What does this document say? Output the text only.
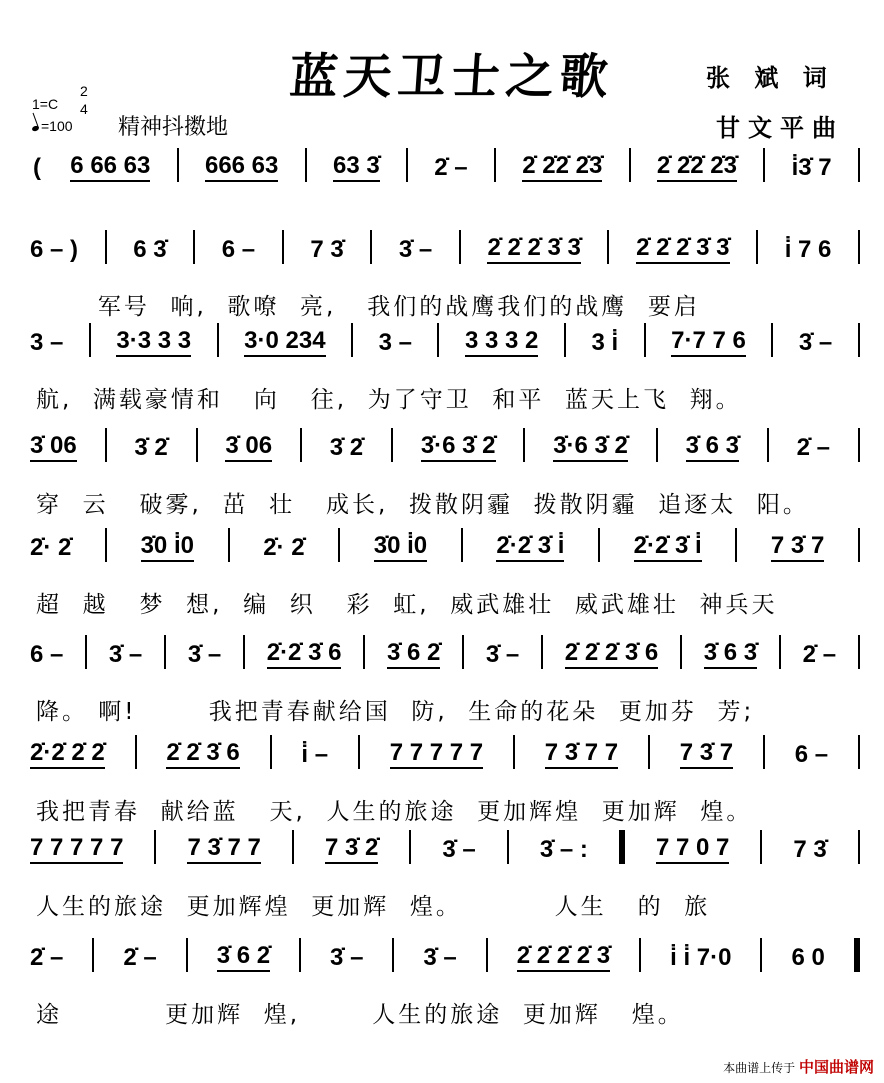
蓝天卫士之歌	张 斌 词
甘文平曲
1=C
2
4
=100 精神抖擞地
( 6 66 63 666 63 63 3̇ 2̇ – 2̇ 2̇2̇ 2̇3̇ 2̇ 2̇2̇ 2̇3̇ i̇3̇ 7
6 – ) 6 3̇ 6 – 7 3̇ 3̇ – 2̇ 2̇ 2̇ 3̇ 3̇ 2̇ 2̇ 2̇ 3̇ 3̇ i̇ 7 6
军号  响,  歌嘹  亮,   我们的战鹰我们的战鹰  要启
3 – 3·3 3 3 3·0 234 3 – 3 3 3 2 3 i̇ 7·7 7 6 3̇ –
航,  满载豪情和   向   往,  为了守卫  和平  蓝天上飞  翔。
3̇ 06 3̇ 2̇ 3̇ 06 3̇ 2̇ 3̇·6 3̇ 2̇ 3̇·6 3̇ 2̇ 3̇ 6 3̇ 2̇ –
穿  云   破雾,  茁  壮   成长,  拨散阴霾  拨散阴霾  追逐太  阳。
2̇· 2̇	3̇0 i̇0	2̇· 2̇	3̇0 i̇0	2̇·2̇ 3̇ i̇	2̇·2̇ 3̇ i̇	7 3̇ 7
超  越   梦  想,  编  织   彩  虹,  威武雄壮  威武雄壮  神兵天
6 – 3̇ – 3̇ – 2̇·2̇ 3̇ 6 3̇ 6 2̇ 3̇ – 2̇ 2̇ 2̇ 3̇ 6 3̇ 6 3̇ 2̇ –
降。 啊!       我把青春献给国  防,  生命的花朵  更加芬  芳;
2̇·2̇ 2̇ 2̇	2̇ 2̇ 3̇ 6	i̇ –	7 7 7 7 7	7 3̇ 7 7	7 3̇ 7	6 –
我把青春  献给蓝   天,  人生的旅途  更加辉煌  更加辉  煌。
7 7 7 7 7	7 3̇ 7 7	7 3̇ 2̇	3̇ –	3̇ – :	7 7 0 7	7 3̇
人生的旅途  更加辉煌  更加辉  煌。         人生   的  旅
2̇ – 2̇ – 3̇ 6 2̇ 3̇ – 3̇ – 2̇ 2̇ 2̇ 2̇ 3̇ i̇ i̇ 7·0 6 0
途          更加辉  煌,       人生的旅途  更加辉   煌。
本曲谱上传于 中国曲谱网
